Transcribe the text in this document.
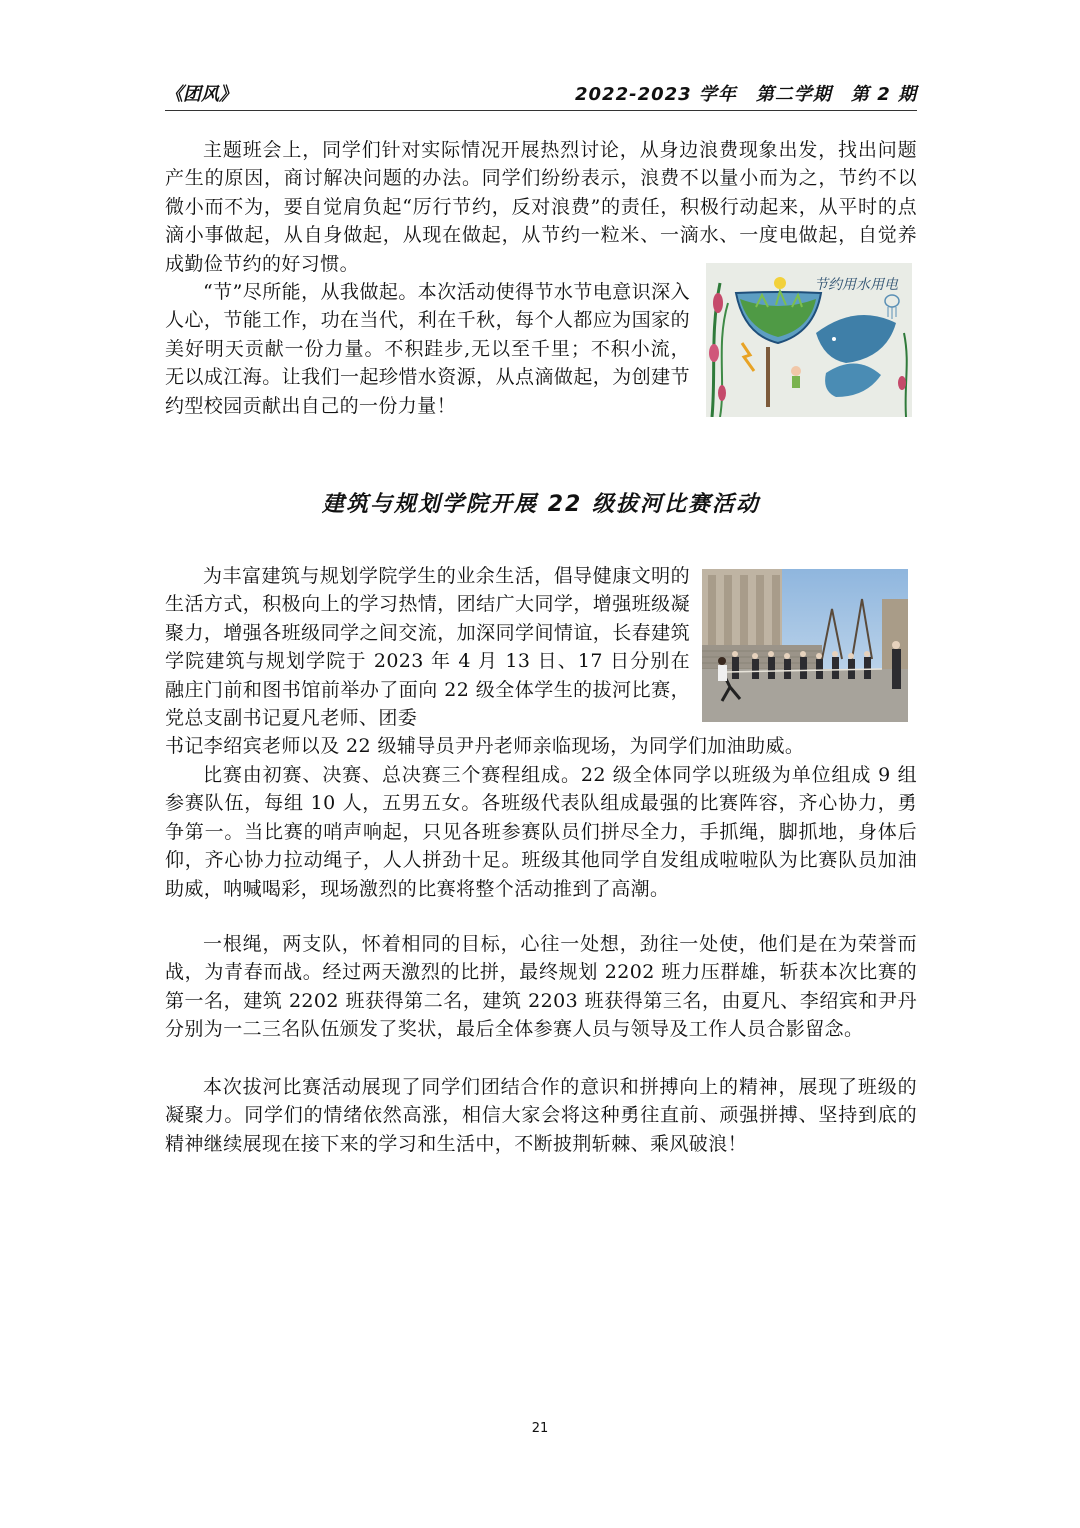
《团风》	2022-2023 学年　第二学期　第 2 期

主题班会上，同学们针对实际情况开展热烈讨论，从身边浪费现象出发，找出问题产生的原因，商讨解决问题的办法。同学们纷纷表示，浪费不以量小而为之，节约不以微小而不为，要自觉肩负起“厉行节约，反对浪费”的责任，积极行动起来，从平时的点滴小事做起，从自身做起，从现在做起，从节约一粒米、一滴水、一度电做起，自觉养成勤俭节约的好习惯。

“节”尽所能，从我做起。本次活动使得节水节电意识深入人心，节能工作，功在当代，利在千秋，每个人都应为国家的美好明天贡献一份力量。不积跬步,无以至千里；不积小流，无以成江海。让我们一起珍惜水资源，从点滴做起，为创建节约型校园贡献出自己的一份力量！

节约用水用电
建筑与规划学院开展 22 级拔河比赛活动

为丰富建筑与规划学院学生的业余生活，倡导健康文明的生活方式，积极向上的学习热情，团结广大同学，增强班级凝聚力，增强各班级同学之间交流，加深同学间情谊，长春建筑学院建筑与规划学院于 2023 年 4 月 13 日、17 日分别在融庄门前和图书馆前举办了面向 22 级全体学生的拔河比赛，党总支副书记夏凡老师、团委

书记李绍宾老师以及 22 级辅导员尹丹老师亲临现场，为同学们加油助威。

比赛由初赛、决赛、总决赛三个赛程组成。22 级全体同学以班级为单位组成 9 组参赛队伍，每组 10 人，五男五女。各班级代表队组成最强的比赛阵容，齐心协力，勇争第一。当比赛的哨声响起，只见各班参赛队员们拼尽全力，手抓绳，脚抓地，身体后仰，齐心协力拉动绳子，人人拼劲十足。班级其他同学自发组成啦啦队为比赛队员加油助威，呐喊喝彩，现场激烈的比赛将整个活动推到了高潮。

一根绳，两支队，怀着相同的目标，心往一处想，劲往一处使，他们是在为荣誉而战，为青春而战。经过两天激烈的比拼，最终规划 2202 班力压群雄，斩获本次比赛的第一名，建筑 2202 班获得第二名，建筑 2203 班获得第三名，由夏凡、李绍宾和尹丹分别为一二三名队伍颁发了奖状，最后全体参赛人员与领导及工作人员合影留念。

本次拔河比赛活动展现了同学们团结合作的意识和拼搏向上的精神，展现了班级的凝聚力。同学们的情绪依然高涨，相信大家会将这种勇往直前、顽强拼搏、坚持到底的精神继续展现在接下来的学习和生活中，不断披荆斩棘、乘风破浪！

21
